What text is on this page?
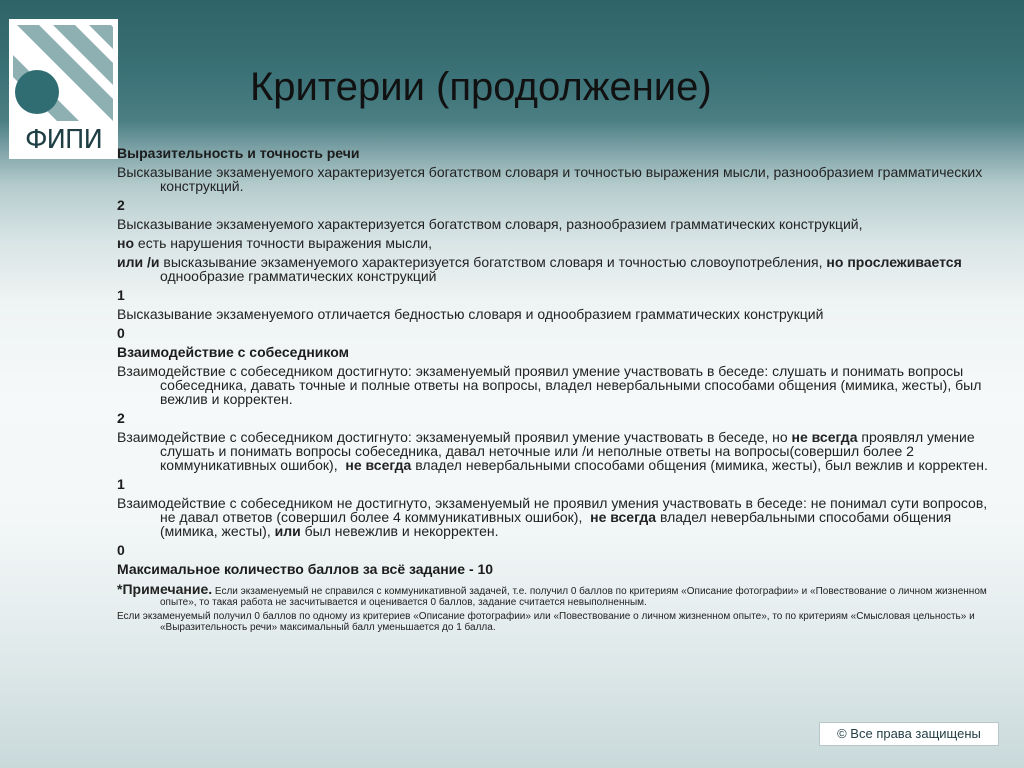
ФИПИ
Критерии (продолжение)
Выразительность и точность речи
Высказывание экзаменуемого характеризуется богатством словаря и точностью выражения мысли, разнообразием грамматических конструкций.
2
Высказывание экзаменуемого характеризуется богатством словаря, разнообразием грамматических конструкций,
но есть нарушения точности выражения мысли,
или /и высказывание экзаменуемого характеризуется богатством словаря и точностью словоупотребления, но прослеживается однообразие грамматических конструкций
1
Высказывание экзаменуемого отличается бедностью словаря и однообразием грамматических конструкций
0
Взаимодействие с собеседником
Взаимодействие с собеседником достигнуто: экзаменуемый проявил умение участвовать в беседе: слушать и понимать вопросы собеседника, давать точные и полные ответы на вопросы, владел невербальными способами общения (мимика, жесты), был вежлив и корректен.
2
Взаимодействие с собеседником достигнуто: экзаменуемый проявил умение участвовать в беседе, но не всегда проявлял умение слушать и понимать вопросы собеседника, давал неточные или /и неполные ответы на вопросы(совершил более 2 коммуникативных ошибок), не всегда владел невербальными способами общения (мимика, жесты), был вежлив и корректен.
1
Взаимодействие с собеседником не достигнуто, экзаменуемый не проявил умения участвовать в беседе: не понимал сути вопросов, не давал ответов (совершил более 4 коммуникативных ошибок), не всегда владел невербальными способами общения (мимика, жесты), или был невежлив и некорректен.
0
Максимальное количество баллов за всё задание - 10
*Примечание. Если экзаменуемый не справился с коммуникативной задачей, т.е. получил 0 баллов по критериям «Описание фотографии» и «Повествование о личном жизненном опыте», то такая работа не засчитывается и оценивается 0 баллов, задание считается невыполненным.
Если экзаменуемый получил 0 баллов по одному из критериев «Описание фотографии» или «Повествование о личном жизненном опыте», то по критериям «Смысловая цельность» и «Выразительность речи» максимальный балл уменьшается до 1 балла.
© Все права защищены
